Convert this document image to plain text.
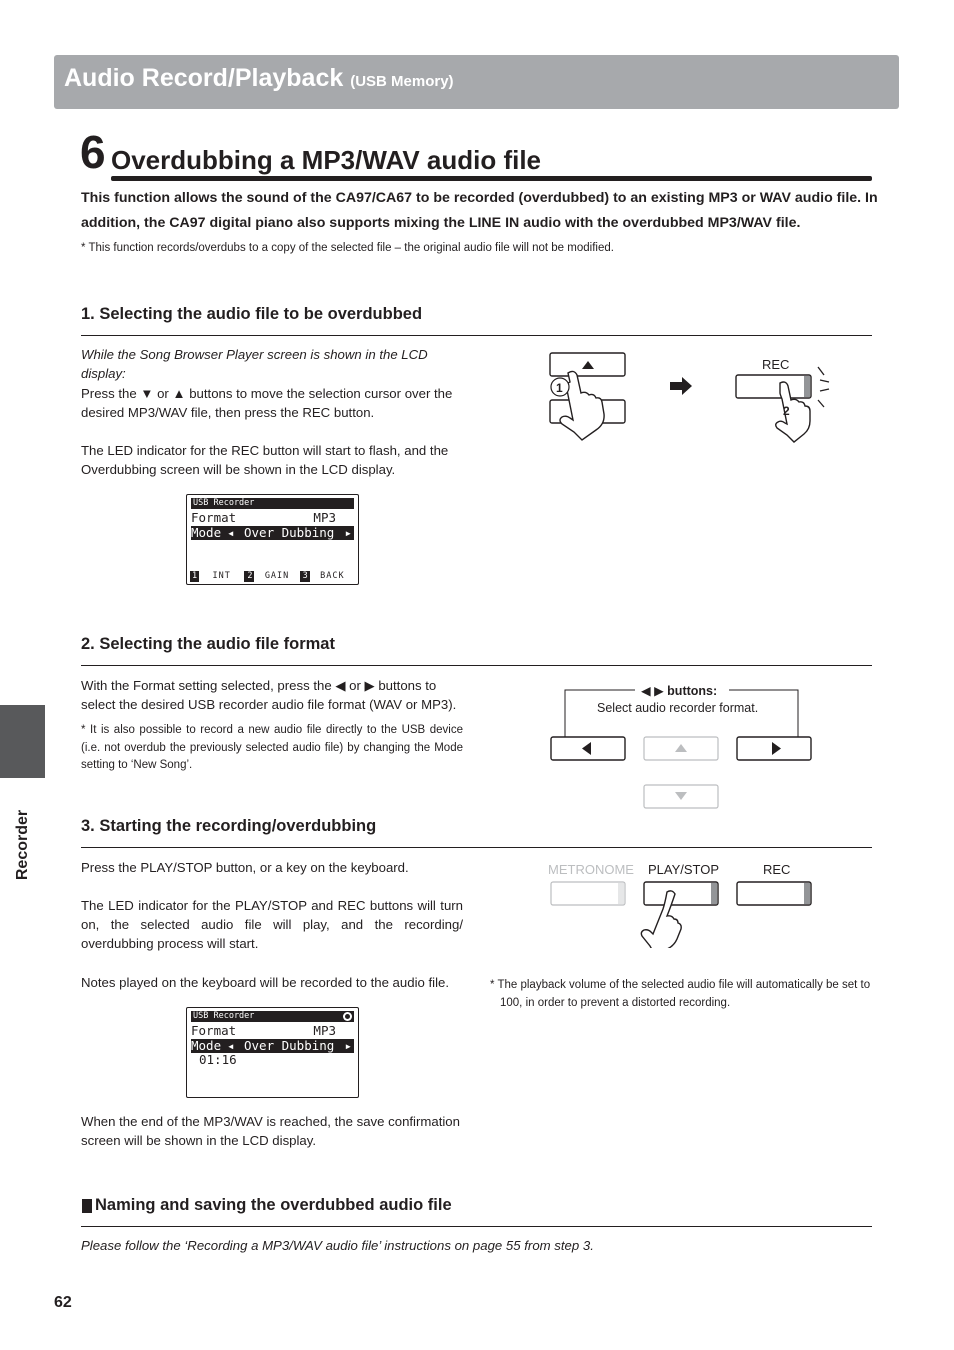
Audio Record/Playback (USB Memory)
6 Overdubbing a MP3/WAV audio file
This function allows the sound of the CA97/CA67 to be recorded (overdubbed) to an existing MP3 or WAV audio file. In addition, the CA97 digital piano also supports mixing the LINE IN audio with the overdubbed MP3/WAV file.
* This function records/overdubs to a copy of the selected file – the original audio file will not be modified.
1. Selecting the audio file to be overdubbed
While the Song Browser Player screen is shown in the LCD display:
Press the ▼ or ▲ buttons to move the selection cursor over the desired MP3/WAV file, then press the REC button.
The LED indicator for the REC button will start to flash, and the Overdubbing screen will be shown in the LCD display.
USB Recorder
Format	MP3
Mode ◂ Over Dubbing ▸
1	INT	2	GAIN	3	BACK
1
REC
2
2. Selecting the audio file format
With the Format setting selected, press the ◀ or ▶ buttons to select the desired USB recorder audio file format (WAV or MP3).
* It is also possible to record a new audio file directly to the USB device (i.e. not overdub the previously selected audio file) by changing the Mode setting to ‘New Song’.
◀ ▶ buttons:
Select audio recorder format.
3. Starting the recording/overdubbing
Press the PLAY/STOP button, or a key on the keyboard.
The LED indicator for the PLAY/STOP and REC buttons will turn on, the selected audio file will play, and the recording/ overdubbing process will start.
Notes played on the keyboard will be recorded to the audio file.
METRONOME PLAY/STOP	REC
* The playback volume of the selected audio file will automatically be set to 100, in order to prevent a distorted recording.
USB Recorder
Format	MP3
Mode ◂ Over Dubbing ▸
01:16
When the end of the MP3/WAV is reached, the save confirmation screen will be shown in the LCD display.
Naming and saving the overdubbed audio file
Please follow the ‘Recording a MP3/WAV audio file’ instructions on page 55 from step 3.
Recorder
62
